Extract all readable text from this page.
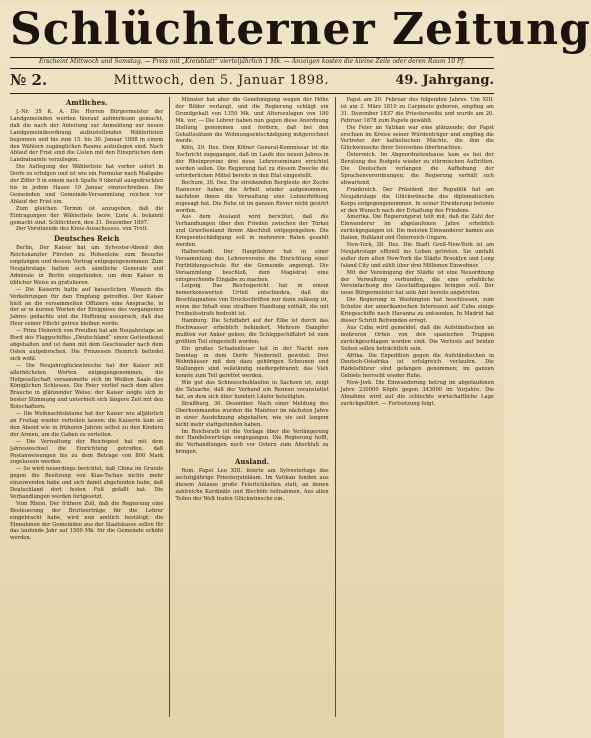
Schlüchterner Zeitung
Erscheint Mittwoch und Samstag. — Preis mit „Kreisblatt“ vierteljährlich 1 Mk. — Anzeigen kosten die kleine Zeile oder deren Raum 10 Pf.
№ 2.	Mittwoch, den 5. Januar 1898.	49. Jahrgang.
Amtliches.

J.-Nr. 35 K. A. Die Herren Bürgermeister der Landgemeinden werden hierauf aufmerksam gemacht, daß die nach der Anleitung zur Anmeldung zur neuen Landgemeindeordnung aufzustellenden Wählerlisten begonnen und bis zum 15. bis 30. Januar 1898 in einem den Wählern zugänglichen Raume aufzulegen sind. Nach Ablauf der Frist sind die Listen mit den Einsprüchen dem Landratsamte vorzulegen.

Die Auflegung der Wählerliste hat vorher sofort in Dorfe zu erfolgen und ist wie ein Formular nach Maßgabe der Ziffer 9 in einem nach Spalte 9 überall ausgedruckten bis in jedem Hause 10 Januar einzuschreiben. Die Gemeinden und Gemeinde-Versammlung reichen vor Ablauf der Frist ein.

Zum gleichen Termin ist anzugeben, daß die Eintragungen der Wählerliste bezw. Liste A. bekannt gemacht sind. Schlüchtern, den 31. Dezember 1897.

Der Vorsitzende des Kreis-Ausschusses. von Trott.

Deutsches Reich

Berlin, Der Kaiser hat am Sylvester-Abend den Reichskanzler Fürsten zu Hohenlohe zum Besuche empfangen und dessen Vortrag entgegengenommen. Zum Neujahrstage hatten sich sämtliche Generale und Admirale in Berlin eingefunden, um dem Kaiser in üblicher Weise zu gratulieren.

— Die Kaiserin hatte auf kaiserlichen Wunsch die Vorkehrungen für den Empfang getroffen. Der Kaiser hielt an die versammelten Offiziere eine Ansprache, in der er in kurzen Worten der Ereignisse des vergangenen Jahres gedachte und die Hoffnung aussprach, daß das Heer seiner Pflicht getreu bleiben werde.

— Prinz Heinrich von Preußen hat am Neujahrstage an Bord des Flaggschiffes „Deutschland“ einen Gottesdienst abgehalten und ist dann mit dem Geschwader nach dem Osten aufgebrochen. Die Prinzessin Heinrich befindet sich wohl.

— Die Neujahrsglückwünsche hat der Kaiser mit allerhöchsten Worten entgegengenommen, die Hofgesellschaft versammelte sich im Weißen Saale des Königlichen Schlosses. Die Feier verlief nach dem alten Brauche in glänzender Weise; der Kaiser zeigte sich in bester Stimmung und unterhielt sich längere Zeit mit den Botschaftern.

— Die Weihnachtsbäume hat der Kaiser wie alljährlich an Freitag wieder verteilen lassen; die Kaiserin kam an den Abend wie in früheren Jahren selbst zu den Kindern der Armen, um die Gaben zu verteilen.

— Die Verwaltung der Reichspost hat mit dem Jahreswechsel die Einrichtung getroffen, daß Postanweisungen bis zu dem Betrage von 800 Mark zugelassen werden.

— So wird neuerdings berichtet, daß China im Grunde gegen die Besitzung von Kiao-Tschau nichts mehr einzuwenden habe und sich damit abgefunden habe, daß Deutschland dort festen Fuß gefaßt hat. Die Verhandlungen werden fortgesetzt.

Vom Rhein. Der frühere Zoll, daß die Regierung eine Besteuerung der Bruttoerträge für die Lehrer eingebracht habe, wird nun amtlich bestätigt; die Einnahmen der Gemeinden aus der Staatskasse sollen für das laufende Jahr auf 1500 Mk. für die Gemeinde erhöht werden.

Münster hat aber die Genehmigung wegen der Höhe der Bilder verlangt, und die Regierung schlägt ein Grundgehalt von 1350 Mk. und Alterszulagen von 180 Mk. vor. — Die Lehrer haben nun gegen diese Anordnung Stellung genommen und fordern, daß bei den Gehaltssätzen die Wohnungsentschädigung mitgerechnet werde.

Köln, 29. Dez. Dem Kölner General-Kommissar ist die Nachricht zugegangen, daß im Laufe des neuen Jahres in der Rheinprovinz drei neue Lehrerseminare errichtet werden sollen. Die Regierung hat zu diesem Zwecke die erforderlichen Mittel bereits in den Etat eingestellt.

Bochum, 30. Dez. Die streikenden Bergleute der Zeche Hannover haben die Arbeit wieder aufgenommen, nachdem ihnen die Verwaltung eine Lohnerhöhung zugesagt hat. Die Ruhe ist im ganzen Revier nicht gestört worden.

Aus dem Ausland wird berichtet, daß die Verhandlungen über den Frieden zwischen der Türkei und Griechenland ihrem Abschluß entgegengehen. Die Kriegsentschädigung soll in mehreren Raten gezahlt werden.

Halberstadt. Der Hauptlehrer hat in einer Versammlung des Lehrervereins die Einrichtung einer Fortbildungsschule für die Gemeinde angeregt. Die Versammlung beschloß, dem Magistrat eine entsprechende Eingabe zu machen.

Leipzig. Das Reichsgericht hat in einem bemerkenswerten Urteil entschieden, daß die Beschlagnahme von Druckschriften nur dann zulässig ist, wenn der Inhalt eine strafbare Handlung enthält, die mit Freiheitsstrafe bedroht ist.

Hamburg. Die Schiffahrt auf der Elbe ist durch das Hochwasser erheblich behindert. Mehrere Dampfer mußten vor Anker gehen; die Schleppschiffahrt ist zum größten Teil eingestellt worden.

Ein großes Schadenfeuer hat in der Nacht zum Sonntag in dem Dorfe Niederzell gewütet. Drei Wohnhäuser mit den dazu gehörigen Scheunen und Stallungen sind vollständig niedergebrannt; das Vieh konnte zum Teil gerettet werden.

Wie gut das Schneeschuhlaufen in Sachsen ist, zeigt die Tatsache, daß der Verband ein Rennen veranstaltet hat, an dem sich über hundert Läufer beteiligten.

Straßburg, 30. Dezember. Nach einer Meldung des Oberkommandos wurden die Manöver im nächsten Jahre in einer Ausdehnung abgehalten, wie sie seit langem nicht mehr stattgefunden haben.

Im Reichsrath ist die Vorlage über die Verlängerung der Handelsverträge eingegangen. Die Regierung hofft, die Verhandlungen noch vor Ostern zum Abschluß zu bringen.

Ausland.

Rom. Papst Leo XIII. feierte am Sylvestertage das sechzigjährige Priesterjubiläum. Im Vatikan fanden aus diesem Anlasse große Feierlichkeiten statt, an denen zahlreiche Kardinäle und Bischöfe teilnahmen. Aus allen Teilen der Welt trafen Glückwünsche ein.

Papst am 20. Februar des folgenden Jahres. Um XIII. ist am 2. März 1810 zu Carpineto geboren, empfing am 31. Dezember 1837 die Priesterweihe und wurde am 20. Februar 1878 zum Papste gewählt.

Die Feier im Vatikan war eine glänzende; der Papst erschien im Kreise seiner Würdenträger und empfing die Vertreter der katholischen Mächte, die ihm die Glückwünsche ihrer Souveräne überbrachten.

Österreich. Im Abgeordnetenhause kam es bei der Beratung des Budgets wieder zu stürmischen Auftritten. Die Deutschen verlangen die Aufhebung der Sprachenverordnungen; die Regierung verhält sich abwartend.

Frankreich. Der Präsident der Republik hat am Neujahrstage die Glückwünsche des diplomatischen Korps entgegengenommen. In seiner Erwiderung betonte er den Wunsch nach der Erhaltung des Friedens.

Amerika. Die Regierungsrat teilt mit, daß die Zahl der Einwanderer im abgelaufenen Jahre erheblich zurückgegangen ist. Die meisten Einwanderer kamen aus Italien, Rußland und Österreich-Ungarn.

New-York, 28. Dez. Die Stadt Groß-New-York ist am Neujahrstage offiziell ins Leben getreten. Sie umfaßt außer dem alten New-York die Städte Brooklyn und Long Island City und zählt über drei Millionen Einwohner.

Mit der Vereinigung der Städte ist eine Neuordnung der Verwaltung verbunden, die eine erhebliche Vereinfachung des Geschäftsganges bringen soll. Der neue Bürgermeister hat sein Amt bereits angetreten.

Die Regierung in Washington hat beschlossen, zum Schutze der amerikanischen Interessen auf Cuba einige Kriegsschiffe nach Havanna zu entsenden. In Madrid hat dieser Schritt Befremden erregt.

Aus Cuba wird gemeldet, daß die Aufständischen an mehreren Orten von den spanischen Truppen zurückgeschlagen worden sind. Die Verluste auf beiden Seiten sollen beträchtlich sein.

Afrika. Die Expedition gegen die Aufständischen in Deutsch-Ostafrika ist erfolgreich verlaufen. Die Rädelsführer sind gefangen genommen; im ganzen Gebiete herrscht wieder Ruhe.

New-Jork. Die Einwanderung betrug im abgelaufenen Jahre 230000 Köpfe gegen 343000 im Vorjahre. Die Abnahme wird auf die schlechte wirtschaftliche Lage zurückgeführt. — Fortsetzung folgt.
